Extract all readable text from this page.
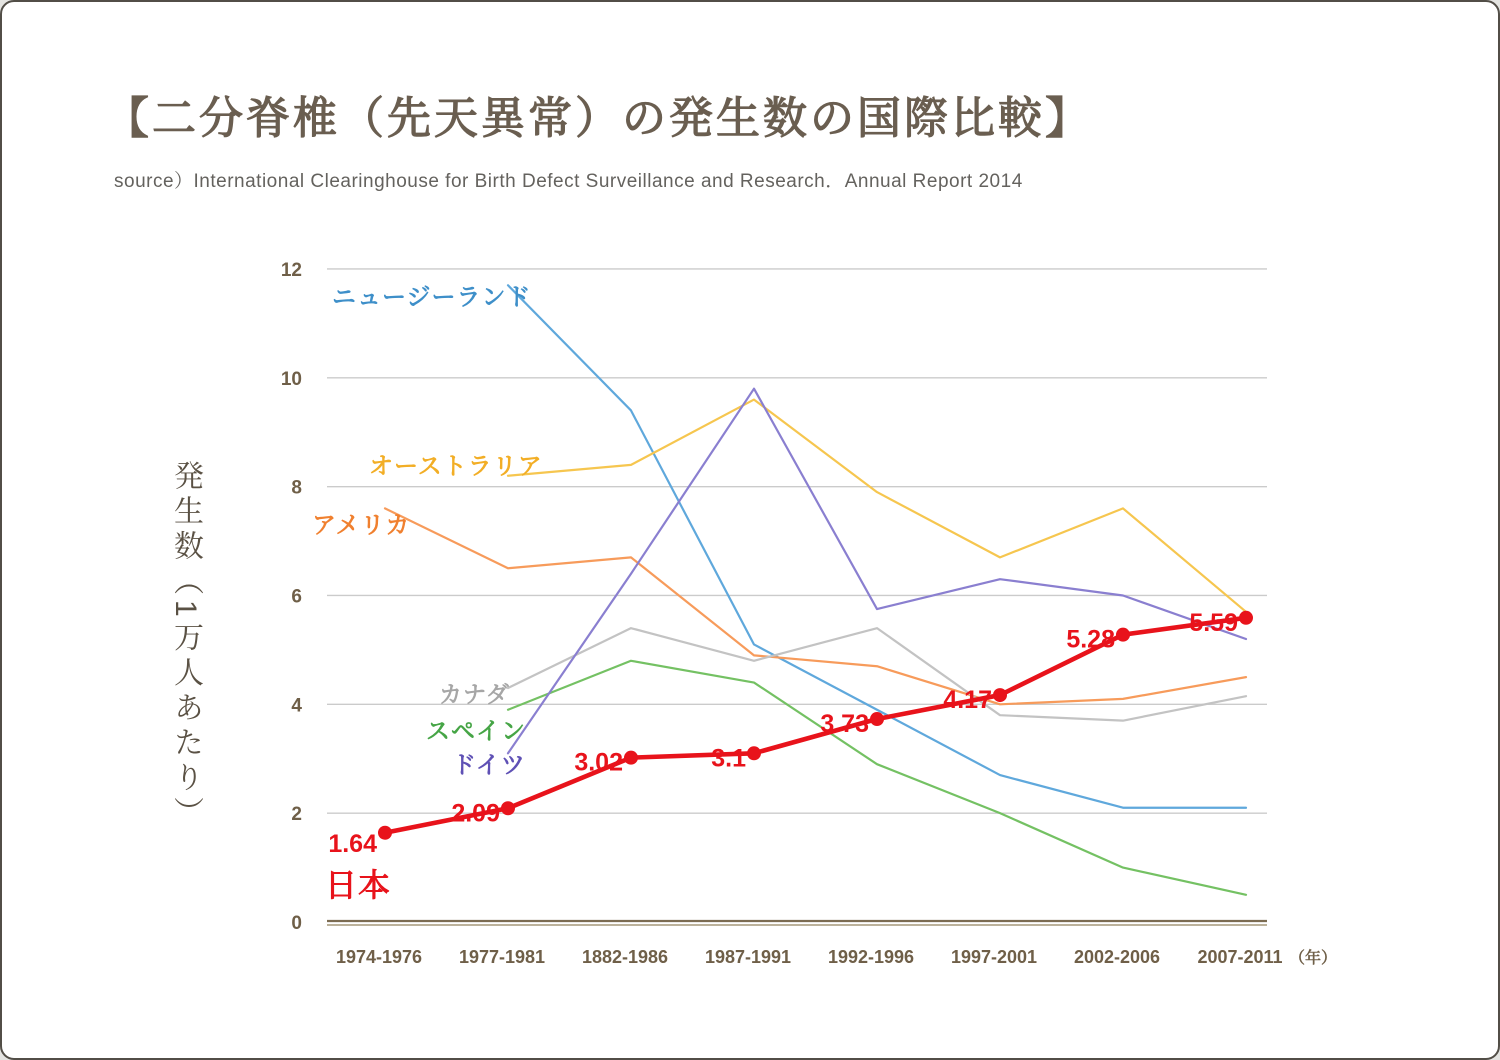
【二分脊椎（先天異常）の発生数の国際比較】
source）International Clearinghouse for Birth Defect Surveillance and Research．Annual Report 2014
発生数（1万人あたり）
0
2
4
6
8
10
12
1974-1976 1977-1981 1882-1986 1987-1991 1992-1996 1997-2001 2002-2006 2007-2011 （年）
ニュージーランド
オーストラリア
アメリカ
カナダ
スペイン
ドイツ
1.64
2.09
3.02	3.1
3.73
4.17
5.28
5.59
日本
